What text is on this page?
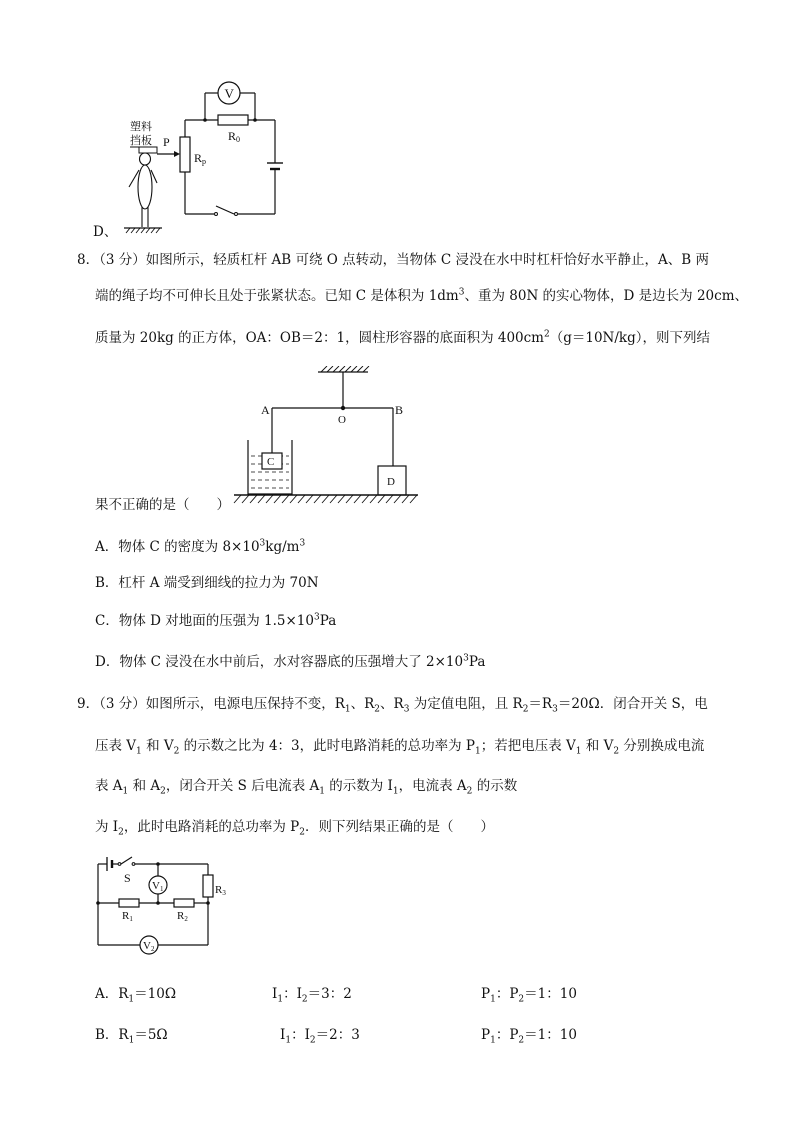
V
R0
Rp
P
塑料
挡板
D、
8．（3 分）如图所示，轻质杠杆 AB 可绕 O 点转动，当物体 C 浸没在水中时杠杆恰好水平静止，A、B 两
端的绳子均不可伸长且处于张紧状态。已知 C 是体积为 $1dm^3$、重为 80N 的实心物体，D 是边长为 20cm、
质量为 20kg 的正方体，OA：OB＝2：1，圆柱形容器的底面积为 $400cm^2(g=10N/kg)$，则下列结
A	B
O
C
D
果不正确的是（　　）
A．物体 C 的密度为 $8\times 10^3kg/m^3$
B．杠杆 A 端受到细线的拉力为 70N
C．物体 D 对地面的压强为 $1.5\times 10^3Pa$
D．物体 C 浸没在水中前后，水对容器底的压强增大了 $2\times 10^3Pa$
9．（3 分）如图所示，电源电压保持不变，$R_1$、$R_2$、$R_3$ 为定值电阻，且 $R_2=R_3=20\Omega$．闭合开关 S，电
压表 $V_1$ 和 $V_2$ 的示数之比为 4：3，此时电路消耗的总功率为 $P_1$；若把电压表 $V_1$ 和 $V_2$ 分别换成电流
表 $A_1$ 和 $A_2$，闭合开关 S 后电流表 $A_1$ 的示数为 $I_1$，电流表 $A_2$ 的示数
为 $I_2$，此时电路消耗的总功率为 $P_2$．则下列结果正确的是（　　）
S
V1	R3
R1	R2
V2
A．$R_1=10\Omega$	$I_1$：$I_2=3$：2	$P_1$：$P_2=1$：10
B．$R_1=5\Omega$	$I_1$：$I_2=2$：3	$P_1$：$P_2=1$：10
